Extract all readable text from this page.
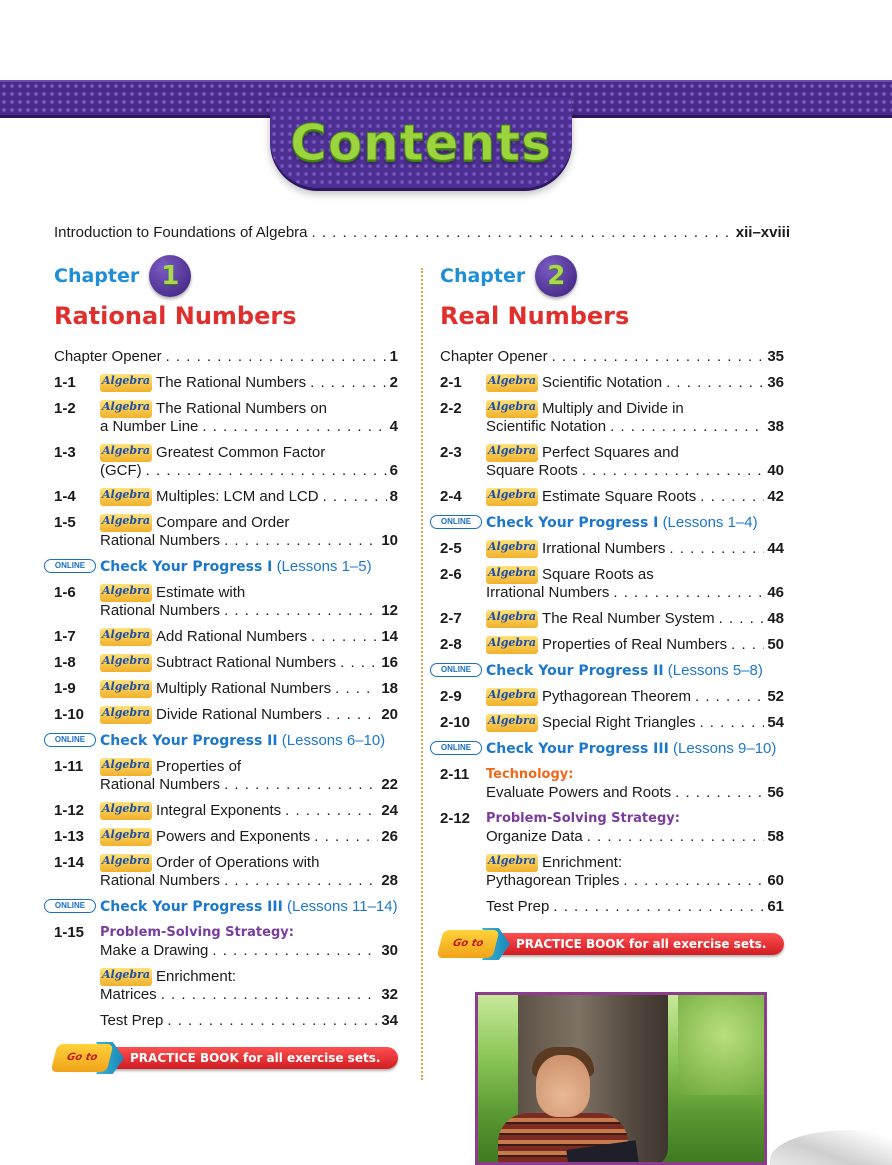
Contents
Introduction to Foundations of Algebra . . .	xii–xviii
Chapter 1
Rational Numbers
Chapter Opener . . .	1
1-1	Algebra The Rational Numbers . . .	2
1-2	Algebra The Rational Numbers on
a Number Line . . .	4
1-3	Algebra Greatest Common Factor
(GCF) . . .	6
1-4	Algebra Multiples: LCM and LCD . . .	8
1-5	Algebra Compare and Order
Rational Numbers . . .	10
ONLINE	Check Your Progress I (Lessons 1–5)
1-6	Algebra Estimate with
Rational Numbers . . .	12
1-7	Algebra Add Rational Numbers . . .	14
1-8	Algebra Subtract Rational Numbers . . .	16
1-9	Algebra Multiply Rational Numbers . . .	18
1-10	Algebra Divide Rational Numbers . . .	20
ONLINE	Check Your Progress II (Lessons 6–10)
1-11	Algebra Properties of
Rational Numbers . . .	22
1-12	Algebra Integral Exponents . . .	24
1-13	Algebra Powers and Exponents . . .	26
1-14	Algebra Order of Operations with
Rational Numbers . . .	28
ONLINE	Check Your Progress III (Lessons 11–14)
1-15	Problem-Solving Strategy:
Make a Drawing . . .	30
Algebra Enrichment:
Matrices . . .	32
Test Prep . . .	34
PRACTICE BOOK for all exercise sets.
Go to
Chapter 2
Real Numbers
Chapter Opener . . .	35
2-1	Algebra Scientific Notation . . .	36
2-2	Algebra Multiply and Divide in
Scientific Notation . . .	38
2-3	Algebra Perfect Squares and
Square Roots . . .	40
2-4	Algebra Estimate Square Roots . . .	42
ONLINE	Check Your Progress I (Lessons 1–4)
2-5	Algebra Irrational Numbers . . .	44
2-6	Algebra Square Roots as
Irrational Numbers . . .	46
2-7	Algebra The Real Number System . . .	48
2-8	Algebra Properties of Real Numbers . . .	50
ONLINE	Check Your Progress II (Lessons 5–8)
2-9	Algebra Pythagorean Theorem . . .	52
2-10	Algebra Special Right Triangles . . .	54
ONLINE	Check Your Progress III (Lessons 9–10)
2-11	Technology:
Evaluate Powers and Roots . . .	56
2-12	Problem-Solving Strategy:
Organize Data . . .	58
Algebra Enrichment:
Pythagorean Triples . . .	60
Test Prep . . .	61
PRACTICE BOOK for all exercise sets.
Go to
